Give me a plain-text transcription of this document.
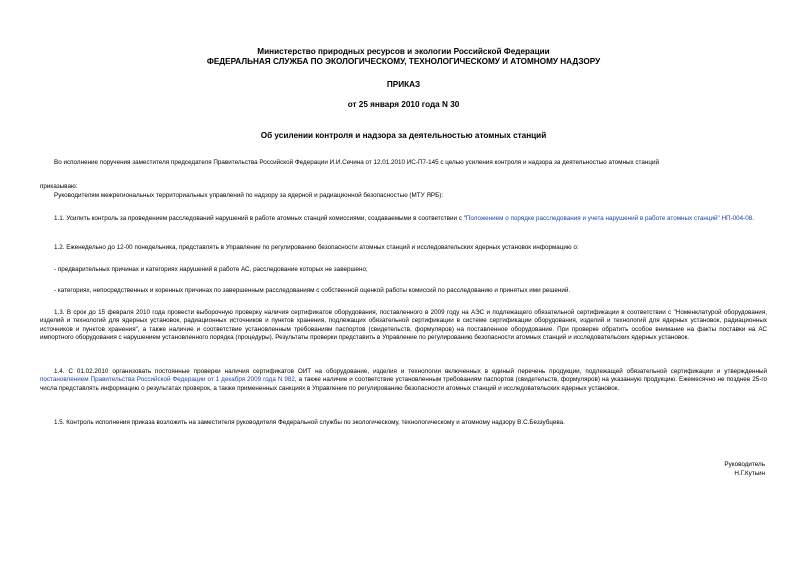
Министерство природных ресурсов и экологии Российской Федерации
ФЕДЕРАЛЬНАЯ СЛУЖБА ПО ЭКОЛОГИЧЕСКОМУ, ТЕХНОЛОГИЧЕСКОМУ И АТОМНОМУ НАДЗОРУ
ПРИКАЗ
от 25 января 2010 года N 30
Об усилении контроля и надзора за деятельностью атомных станций
Во исполнение поручения заместителя председателя Правительства Российской Федерации И.И.Сечина от 12.01.2010 ИС-П7-145 с целью усиления контроля и надзора за деятельностью атомных станций
приказываю:
Руководителям межрегиональных территориальных управлений по надзору за ядерной и радиационной безопасностью (МТУ ЯРБ):
1.1. Усилить контроль за проведением расследований нарушений в работе атомных станций комиссиями, создаваемыми в соответствии с "Положением о порядке расследования и учета нарушений в работе атомных станций" НП-004-08.
1.2. Еженедельно до 12-00 понедельника, представлять в Управление по регулированию безопасности атомных станций и исследовательских ядерных установок информацию о:
- предварительных причинах и категориях нарушений в работе АС, расследование которых не завершено;
- категориях, непосредственных и коренных причинах по завершенным расследованиям с собственной оценкой работы комиссий по расследованию и принятых ими решений.
1.3. В срок до 15 февраля 2010 года провести выборочную проверку наличия сертификатов оборудования, поставленного в 2009 году на АЭС и подлежащего обязательной сертификации в соответствии с "Номенклатурой оборудования, изделий и технологий для ядерных установок, радиационных источников и пунктов хранения, подлежащих обязательной сертификации в системе сертификации оборудования, изделий и технологий для ядерных установок, радиационных источников и пунктов хранения", а также наличие и соответствие установленным требованиям паспортов (свидетельств, формуляров) на поставленное оборудование. При проверке обратить особое внимание на факты поставки на АС импортного оборудования с нарушением установленного порядка (процедуры). Результаты проверки представить в Управление по регулированию безопасности атомных станций и исследовательских ядерных установок.
1.4. С 01.02.2010 организовать постоянные проверки наличия сертификатов ОИТ на оборудование, изделия и технологии включенных в единый перечень продукции, подлежащей обязательной сертификации и утвержденный постановлением Правительства Российской Федерации от 1 декабря 2009 года N 982, а также наличие и соответствие установленным требованиям паспортов (свидетельств, формуляров) на указанную продукцию. Ежемесячно не позднее 25-го числа представлять информацию о результатах проверок, а также примененных санкциях в Управление по регулированию безопасности атомных станций и исследовательских ядерных установок.
1.5. Контроль исполнения приказа возложить на заместителя руководителя Федеральной службы по экологическому, технологическому и атомному надзору В.С.Беззубцева.
Руководитель
Н.Г.Кутьин
